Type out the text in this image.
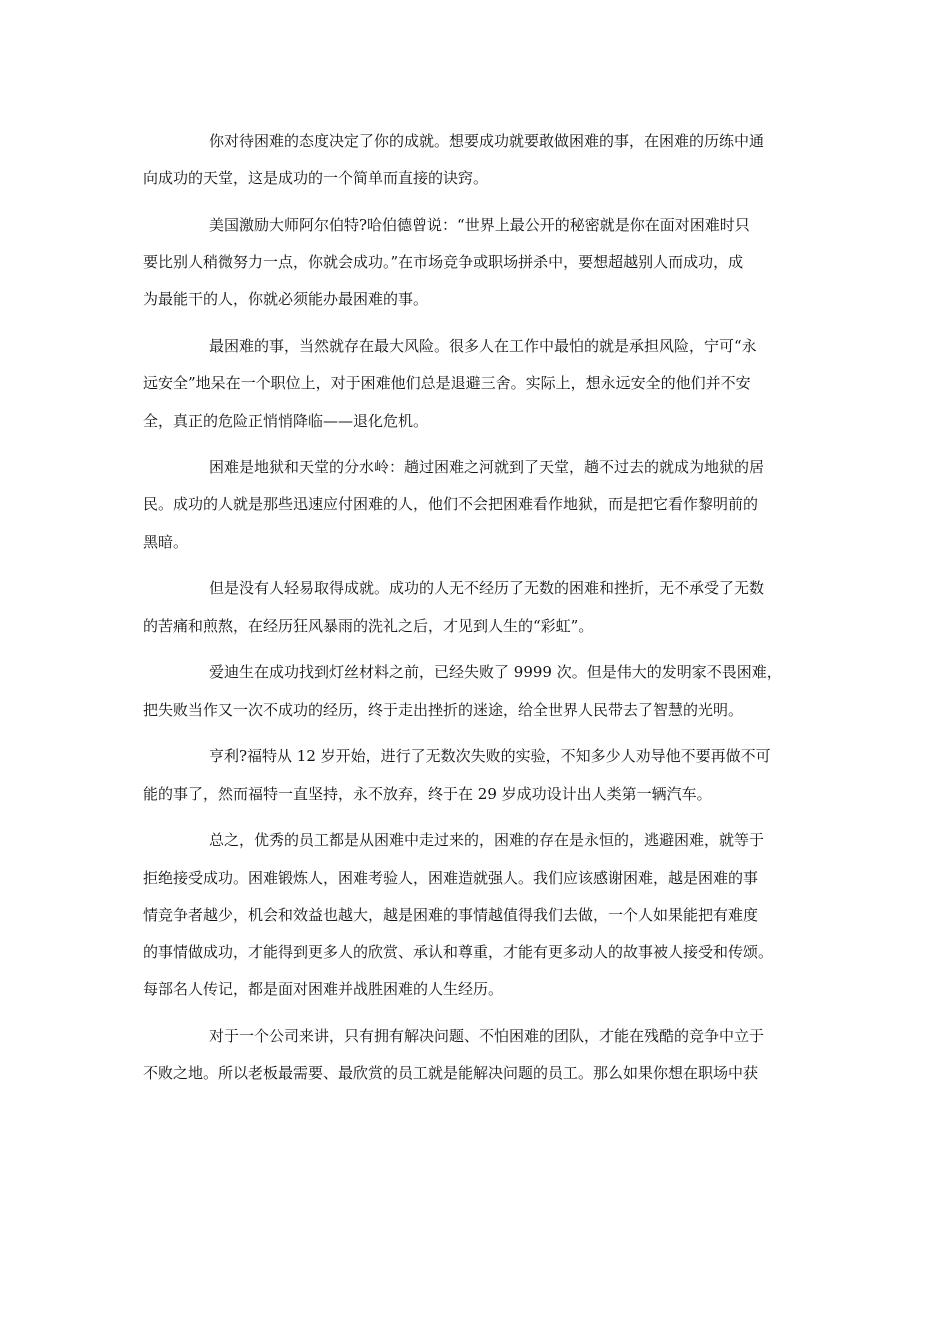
你对待困难的态度决定了你的成就。想要成功就要敢做困难的事，在困难的历练中通
向成功的天堂，这是成功的一个简单而直接的诀窍。
美国激励大师阿尔伯特?哈伯德曾说：“世界上最公开的秘密就是你在面对困难时只
要比别人稍微努力一点，你就会成功。”在市场竞争或职场拼杀中，要想超越别人而成功，成
为最能干的人，你就必须能办最困难的事。
最困难的事，当然就存在最大风险。很多人在工作中最怕的就是承担风险，宁可“永
远安全”地呆在一个职位上，对于困难他们总是退避三舍。实际上，想永远安全的他们并不安
全，真正的危险正悄悄降临——退化危机。
困难是地狱和天堂的分水岭：趟过困难之河就到了天堂，趟不过去的就成为地狱的居
民。成功的人就是那些迅速应付困难的人，他们不会把困难看作地狱，而是把它看作黎明前的
黑暗。
但是没有人轻易取得成就。成功的人无不经历了无数的困难和挫折，无不承受了无数
的苦痛和煎熬，在经历狂风暴雨的洗礼之后，才见到人生的“彩虹”。
爱迪生在成功找到灯丝材料之前，已经失败了 9999 次。但是伟大的发明家不畏困难，
把失败当作又一次不成功的经历，终于走出挫折的迷途，给全世界人民带去了智慧的光明。
亨利?福特从 12 岁开始，进行了无数次失败的实验，不知多少人劝导他不要再做不可
能的事了，然而福特一直坚持，永不放弃，终于在 29 岁成功设计出人类第一辆汽车。
总之，优秀的员工都是从困难中走过来的，困难的存在是永恒的，逃避困难，就等于
拒绝接受成功。困难锻炼人，困难考验人，困难造就强人。我们应该感谢困难，越是困难的事
情竞争者越少，机会和效益也越大，越是困难的事情越值得我们去做，一个人如果能把有难度
的事情做成功，才能得到更多人的欣赏、承认和尊重，才能有更多动人的故事被人接受和传颂。
每部名人传记，都是面对困难并战胜困难的人生经历。
对于一个公司来讲，只有拥有解决问题、不怕困难的团队，才能在残酷的竞争中立于
不败之地。所以老板最需要、最欣赏的员工就是能解决问题的员工。那么如果你想在职场中获
